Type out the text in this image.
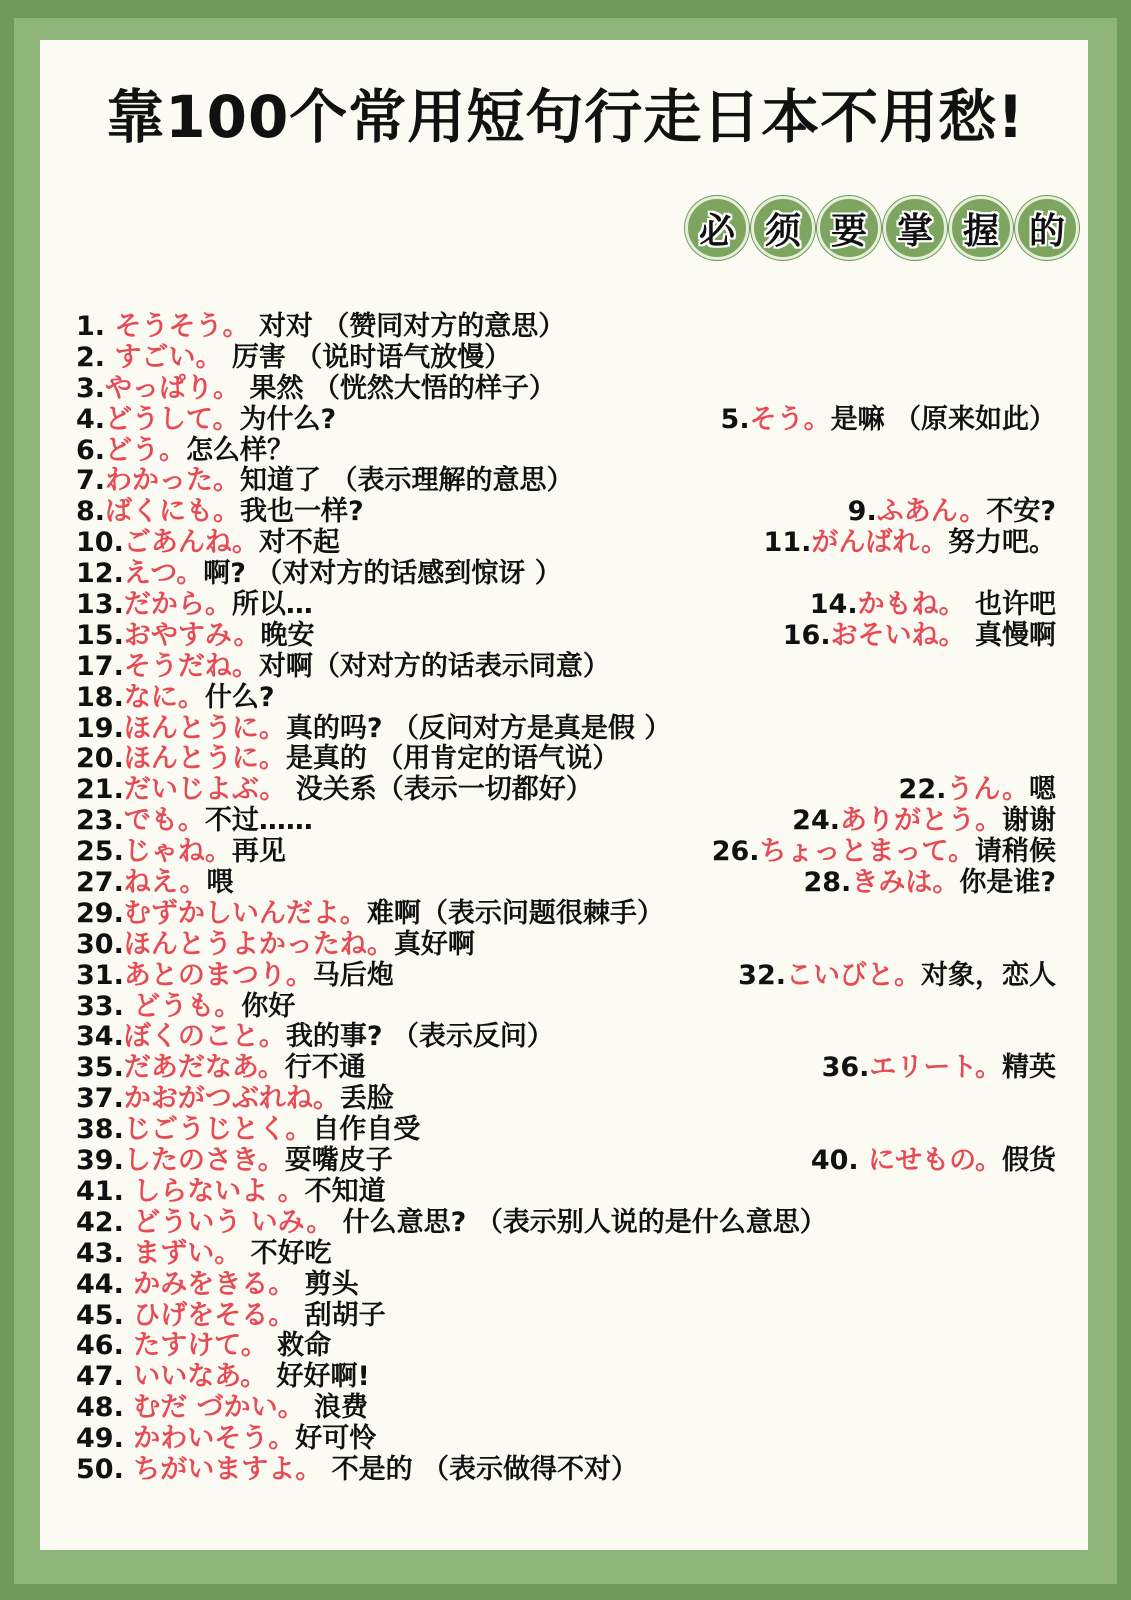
靠100个常用短句行走日本不用愁!
必 须 要 掌 握 的
1. そうそう。 对对 （赞同对方的意思）
2. すごい。 厉害 （说时语气放慢）
3.やっぱり。 果然 （恍然大悟的样子）
4.どうして。为什么?	5.そう。是嘛 （原来如此）
6.どう。怎么样？
7.わかった。知道了 （表示理解的意思）
8.ばくにも。我也一样?	9.ふあん。不安?
10.ごあんね。对不起	11.がんばれ。努力吧。
12.えつ。啊? （对对方的话感到惊讶 ）
13.だから。所以…	14.かもね。 也许吧
15.おやすみ。晚安	16.おそいね。 真慢啊
17.そうだね。对啊（对对方的话表示同意）
18.なに。什么?
19.ほんとうに。真的吗? （反问对方是真是假 ）
20.ほんとうに。是真的 （用肯定的语气说）
21.だいじよぶ。 没关系（表示一切都好）	22.うん。嗯
23.でも。不过……	24.ありがとう。谢谢
25.じゃね。再见	26.ちょっとまって。请稍候
27.ねえ。喂	28.きみは。你是谁?
29.むずかしいんだよ。难啊（表示问题很棘手）
30.ほんとうよかったね。真好啊
31.あとのまつり。马后炮	32.こいびと。对象，恋人
33. どうも。你好
34.ぼくのこと。我的事? （表示反问）
35.だあだなあ。行不通	36.エリート。精英
37.かおがつぶれね。丢脸
38.じごうじとく。自作自受
39.したのさき。耍嘴皮子	40. にせもの。假货
41. しらないよ 。不知道
42. どういう いみ。 什么意思? （表示别人说的是什么意思）
43. まずい。 不好吃
44. かみをきる。 剪头
45. ひげをそる。 刮胡子
46. たすけて。 救命
47. いいなあ。 好好啊!
48. むだ づかい。 浪费
49. かわいそう。好可怜
50. ちがいますよ。 不是的 （表示做得不对）
